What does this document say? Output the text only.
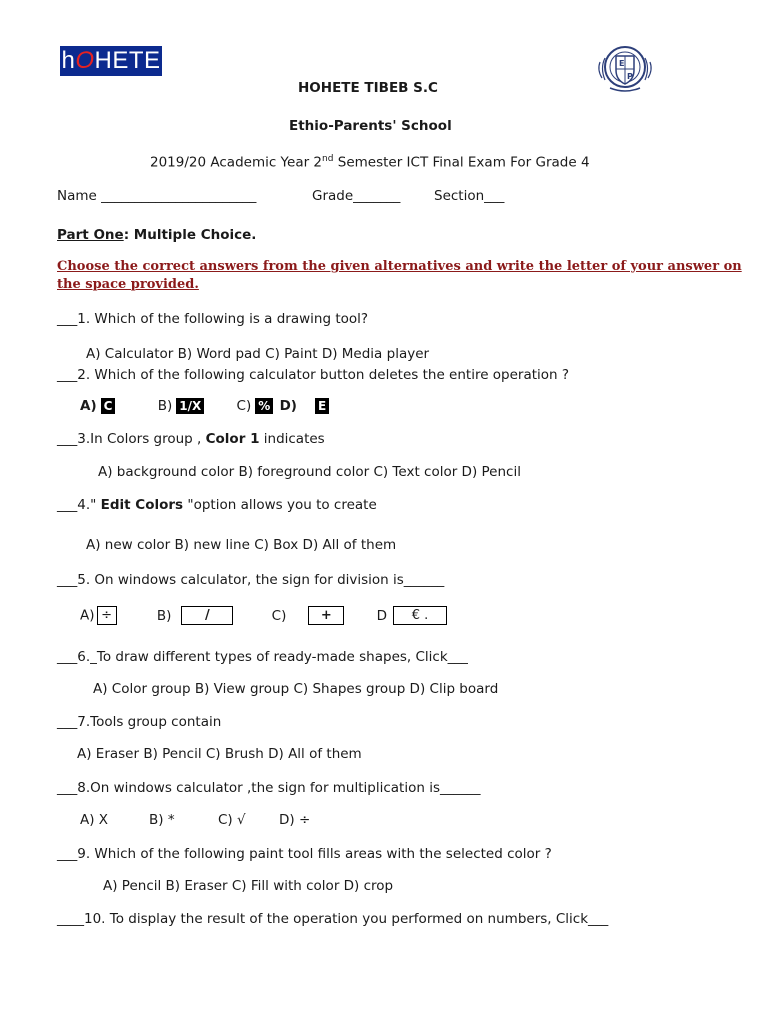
hOHETE	E
P
HOHETE TIBEB S.C
Ethio-Parents' School
2019/20 Academic Year 2nd Semester ICT Final Exam For Grade 4
Name _______________________	Grade_______ Section___
Part One: Multiple Choice.
Choose the correct answers from the given alternatives and write the letter of your answer on
the space provided.
___1. Which of the following is a drawing tool?
A) Calculator B) Word pad C) Paint D) Media player
___2. Which of the following calculator button deletes the entire operation ?
A) C	B) 1/X	C) % D) E
___3.In Colors group , Color 1 indicates
A) background color B) foreground color C) Text color D) Pencil
___4." Edit Colors "option allows you to create
A) new color B) new line C) Box D) All of them
___5. On windows calculator, the sign for division is______
A) ÷	B)	/	C)	+	D € .
___6._To draw different types of ready-made shapes, Click___
A) Color group B) View group C) Shapes group D) Clip board
___7.Tools group contain
A) Eraser B) Pencil C) Brush D) All of them
___8.On windows calculator ,the sign for multiplication is______
A) X	B) *	C) √ D) ÷
___9. Which of the following paint tool fills areas with the selected color ?
A) Pencil B) Eraser C) Fill with color D) crop
____10. To display the result of the operation you performed on numbers, Click___
